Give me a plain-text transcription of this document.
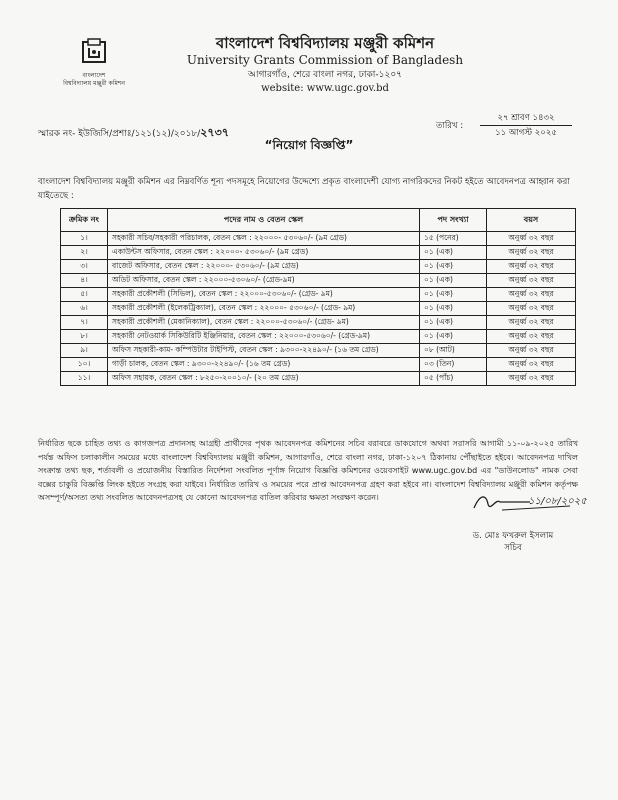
বাংলাদেশ
বিশ্ববিদ্যালয় মঞ্জুরী কমিশন
বাংলাদেশ বিশ্ববিদ্যালয় মঞ্জুরী কমিশন
University Grants Commission of Bangladesh
আগারগাঁও, শেরে বাংলা নগর, ঢাকা-১২০৭
website: www.ugc.gov.bd
স্মারক নং- ইউজিসি/প্রশাঃ/১২১(১২)/২০১৮/২৭৩৭
তারিখ :
২৭ শ্রাবণ ১৪৩২
১১ আগস্ট ২০২৫
“নিয়োগ বিজ্ঞপ্তি”
বাংলাদেশ বিশ্ববিদ্যালয় মঞ্জুরী কমিশন এর নিম্নবর্ণিত শূন্য পদসমূহে নিয়োগের উদ্দেশ্যে প্রকৃত বাংলাদেশী যোগ্য নাগরিকদের নিকট হইতে আবেদনপত্র আহ্বান করা যাইতেছে :
ক্রমিক নং	পদের নাম ও বেতন স্কেল	পদ সংখ্যা	বয়স
১।	সহকারী সচিব/সহকারী পরিচালক, বেতন স্কেল : ২২০০০- ৫৩০৬০/- (৯ম গ্রেড)	১৫ (পনের)	অনুর্ধ্ব ৩২ বছর
২।	একাউন্টস অফিসার, বেতন স্কেল : ২২০০০- ৫৩০৬০/- (৯ম গ্রেড)	০১ (এক)	অনুর্ধ্ব ৩২ বছর
৩।	বাজেট অফিসার, বেতন স্কেল : ২২০০০- ৫৩০৬০/- (৯ম গ্রেড)	০১ (এক)	অনুর্ধ্ব ৩২ বছর
৪।	অডিট অফিসার, বেতন স্কেল : ২২০০০-৫৩০৬০/- (গ্রেড-৯ম)	০১ (এক)	অনুর্ধ্ব ৩২ বছর
৫।	সহকারী প্রকৌশলী (সিভিল), বেতন স্কেল : ২২০০০-৫৩০৬০/- (গ্রেড- ৯ম)	০১ (এক)	অনুর্ধ্ব ৩২ বছর
৬।	সহকারী প্রকৌশলী (ইলেকট্রিক্যাল), বেতন স্কেল : ২২০০০- ৫৩০৬০/- (গ্রেড- ৯ম)	০১ (এক)	অনুর্ধ্ব ৩২ বছর
৭।	সহকারী প্রকৌশলী (মেকানিক্যাল), বেতন স্কেল : ২২০০০-৫৩০৬০/- (গ্রেড- ৯ম)	০১ (এক)	অনুর্ধ্ব ৩২ বছর
৮।	সহকারী নেটওয়ার্ক সিকিউরিটি ইঞ্জিনিয়ার, বেতন স্কেল : ২২০০০-৫৩০৬০/- (গ্রেড-৯ম)	০১ (এক)	অনুর্ধ্ব ৩২ বছর
৯।	অফিস সহকারী-কাম- কম্পিউটার টাইপিস্ট, বেতন স্কেল : ৯৩০০-২২৪৯০/- (১৬ তম গ্রেড)	০৮ (আট)	অনুর্ধ্ব ৩২ বছর
১০।	গাড়ী চালক, বেতন স্কেল : ৯৩০০-২২৪৯০/- (১৬ তম গ্রেড)	০৩ (তিন)	অনুর্ধ্ব ৩২ বছর
১১।	অফিস সহায়ক, বেতন স্কেল : ৮২৫০-২০০১০/- (২০ তম গ্রেড)	০৫ (পাঁচ)	অনুর্ধ্ব ৩২ বছর
নির্ধারিত ছকে চাহিত তথ্য ও কাগজপত্র প্রদানসহ আগ্রহী প্রার্থীদের পৃথক আবেদনপত্র কমিশনের সচিব বরাবরে ডাকযোগে অথবা সরাসরি আগামী ১১-০৯-২০২৫ তারিখ পর্যন্ত অফিস চলাকালীন সময়ের মধ্যে বাংলাদেশ বিশ্ববিদ্যালয় মঞ্জুরী কমিশন, আগারগাঁও, শেরে বাংলা নগর, ঢাকা-১২০৭ ঠিকানায় পৌঁছাইতে হইবে। আবেদনপত্র দাখিল সংক্রান্ত তথ্য ছক, শর্তাবলী ও প্রয়োজনীয় বিস্তারিত নির্দেশনা সংবলিত পূর্ণাঙ্গ নিয়োগ বিজ্ঞপ্তি কমিশনের ওয়েবসাইট www.ugc.gov.bd এর "ডাউনলোড" নামক সেবা বক্সের চাকুরি বিজ্ঞপ্তি লিংক হইতে সংগ্রহ করা যাইবে। নির্ধারিত তারিখ ও সময়ের পরে প্রাপ্ত আবেদনপত্র গ্রহণ করা হইবে না। বাংলাদেশ বিশ্ববিদ্যালয় মঞ্জুরী কমিশন কর্তৃপক্ষ অসম্পূর্ণ/অসত্য তথ্য সংবলিত আবেদনপত্রসহ যে কোনো আবেদনপত্র বাতিল করিবার ক্ষমতা সংরক্ষণ করেন।	১১/০৮/২০২৫
ড. মোঃ ফখরুল ইসলাম
সচিব
